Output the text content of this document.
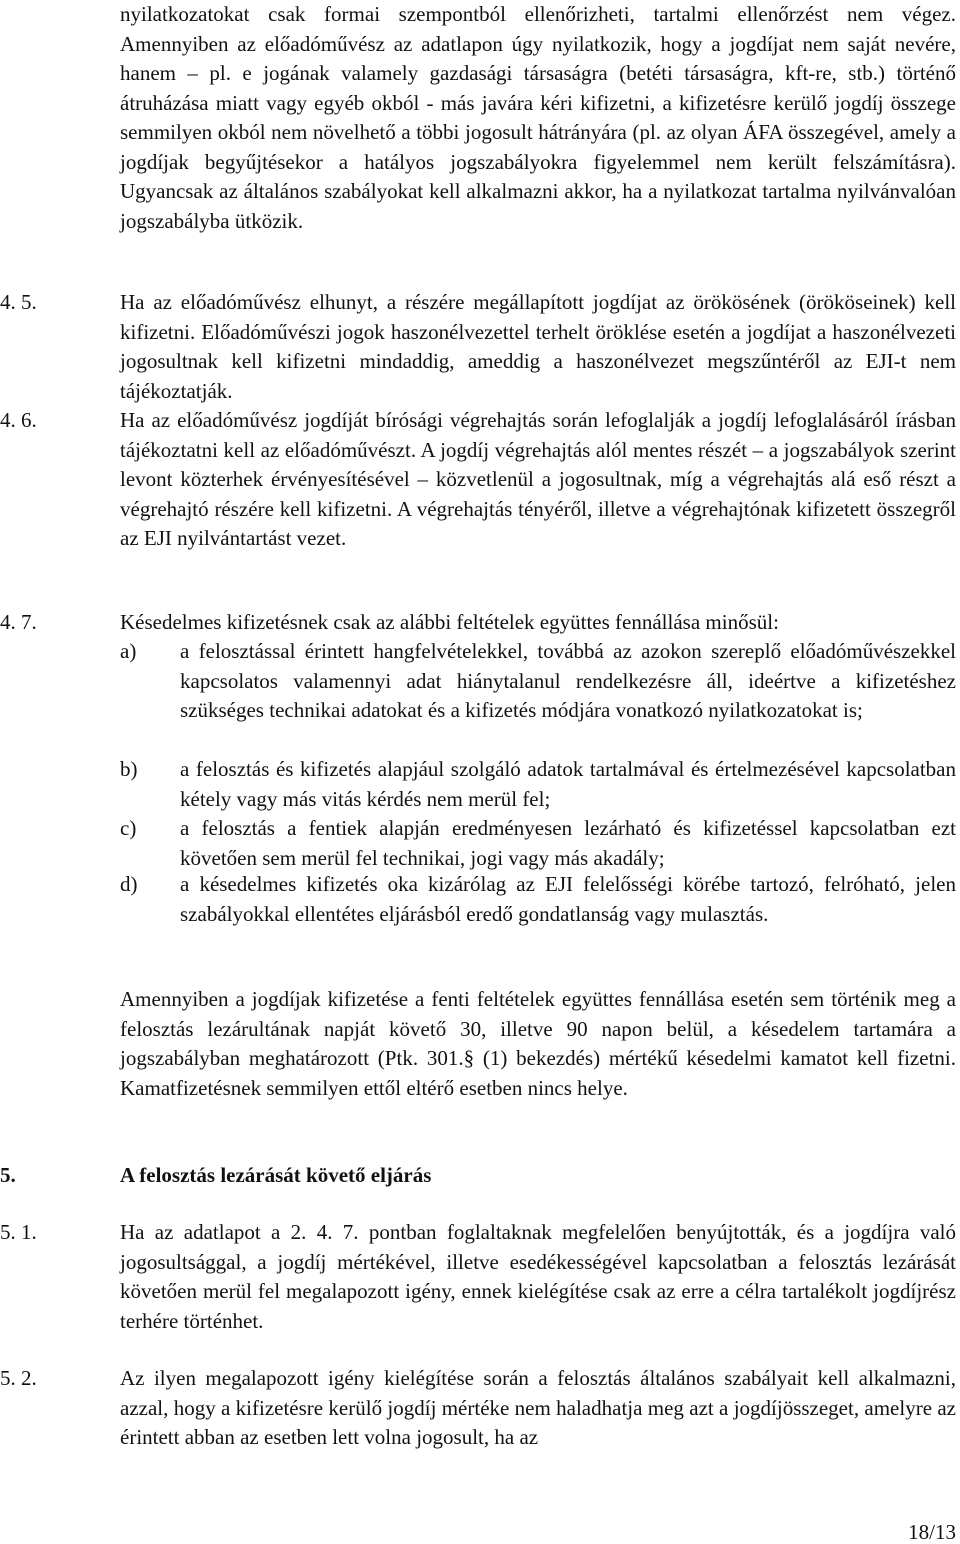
nyilatkozatokat csak formai szempontból ellenőrizheti, tartalmi ellenőrzést nem végez. Amennyiben az előadóművész az adatlapon úgy nyilatkozik, hogy a jogdíjat nem saját nevére, hanem – pl. e jogának valamely gazdasági társaságra (betéti társaságra, kft-re, stb.) történő átruházása miatt vagy egyéb okból - más javára kéri kifizetni, a kifizetésre kerülő jogdíj összege semmilyen okból nem növelhető a többi jogosult hátrányára (pl. az olyan ÁFA összegével, amely a jogdíjak begyűjtésekor a hatályos jogszabályokra figyelemmel nem került felszámításra). Ugyancsak az általános szabályokat kell alkalmazni akkor, ha a nyilatkozat tartalma nyilvánvalóan jogszabályba ütközik.

4. 5.	Ha az előadóművész elhunyt, a részére megállapított jogdíjat az örökösének (örököseinek) kell kifizetni. Előadóművészi jogok haszonélvezettel terhelt öröklése esetén a jogdíjat a haszonélvezeti jogosultnak kell kifizetni mindaddig, ameddig a haszonélvezet megszűntéről az EJI-t nem tájékoztatják.

4. 6.	Ha az előadóművész jogdíját bírósági végrehajtás során lefoglalják a jogdíj lefoglalásáról írásban tájékoztatni kell az előadóművészt. A jogdíj végrehajtás alól mentes részét – a jogszabályok szerint levont közterhek érvényesítésével – közvetlenül a jogosultnak, míg a végrehajtás alá eső részt a végrehajtó részére kell kifizetni. A végrehajtás tényéről, illetve a végrehajtónak kifizetett összegről az EJI nyilvántartást vezet.

4. 7.	Késedelmes kifizetésnek csak az alábbi feltételek együttes fennállása minősül:

a) a felosztással érintett hangfelvételekkel, továbbá az azokon szereplő előadóművészekkel kapcsolatos valamennyi adat hiánytalanul rendelkezésre áll, ideértve a kifizetéshez szükséges technikai adatokat és a kifizetés módjára vonatkozó nyilatkozatokat is;

b) a felosztás és kifizetés alapjául szolgáló adatok tartalmával és értelmezésével kapcsolatban kétely vagy más vitás kérdés nem merül fel;

c) a felosztás a fentiek alapján eredményesen lezárható és kifizetéssel kapcsolatban ezt követően sem merül fel technikai, jogi vagy más akadály;

d) a késedelmes kifizetés oka kizárólag az EJI felelősségi körébe tartozó, felróható, jelen szabályokkal ellentétes eljárásból eredő gondatlanság vagy mulasztás.

Amennyiben a jogdíjak kifizetése a fenti feltételek együttes fennállása esetén sem történik meg a felosztás lezárultának napját követő 30, illetve 90 napon belül, a késedelem tartamára a jogszabályban meghatározott (Ptk. 301.§ (1) bekezdés) mértékű késedelmi kamatot kell fizetni. Kamatfizetésnek semmilyen ettől eltérő esetben nincs helye.

5.	A felosztás lezárását követő eljárás

5. 1.	Ha az adatlapot a 2. 4. 7. pontban foglaltaknak megfelelően benyújtották, és a jogdíjra való jogosultsággal, a jogdíj mértékével, illetve esedékességével kapcsolatban a felosztás lezárását követően merül fel megalapozott igény, ennek kielégítése csak az erre a célra tartalékolt jogdíjrész terhére történhet.

5. 2.	Az ilyen megalapozott igény kielégítése során a felosztás általános szabályait kell alkalmazni, azzal, hogy a kifizetésre kerülő jogdíj mértéke nem haladhatja meg azt a jogdíjösszeget, amelyre az érintett abban az esetben lett volna jogosult, ha az

18/13
